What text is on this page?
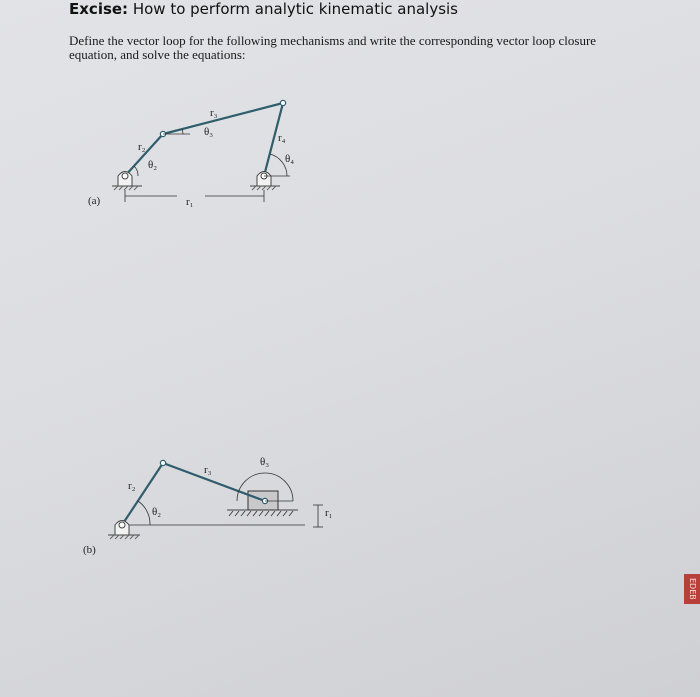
Excise: How to perform analytic kinematic analysis
Define the vector loop for the following mechanisms and write the corresponding vector loop closure equation, and solve the equations:
(a)
r₂
θ₂
r₃
θ₃	r₄
θ₄
r₁
(b)
r₂
θ₂
r₃
θ₃
r₁
EDEB
